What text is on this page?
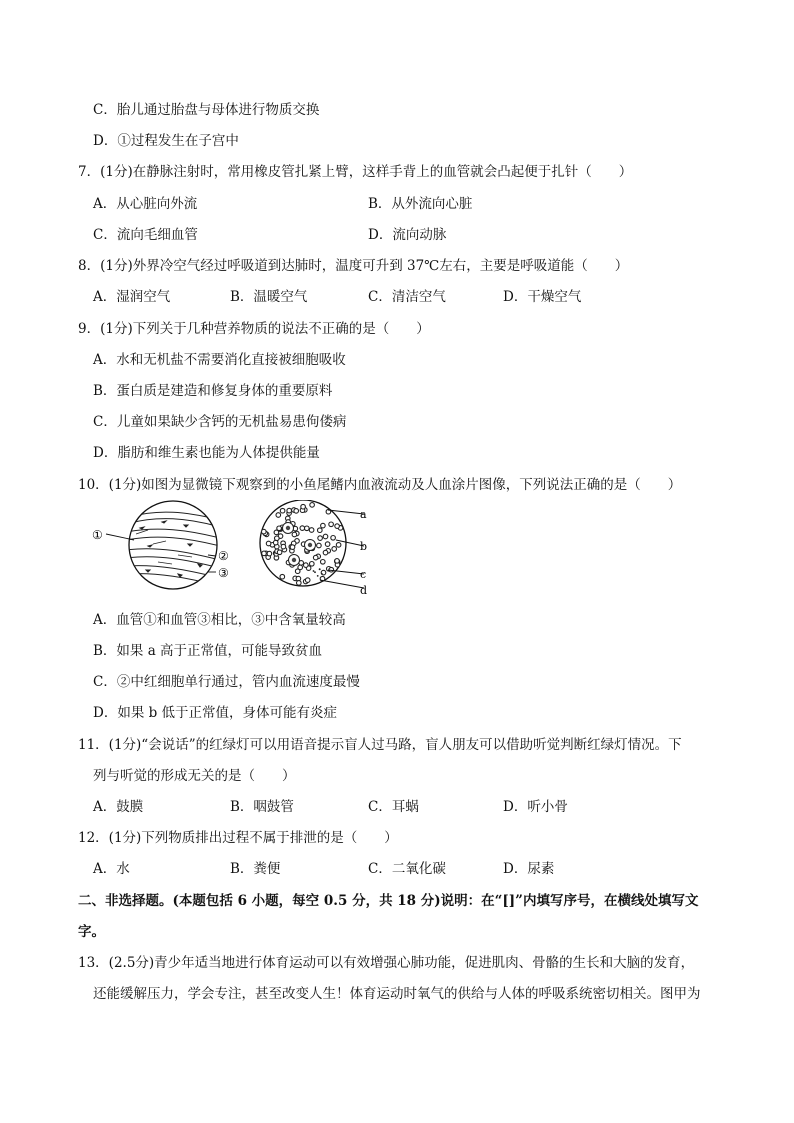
C．胎儿通过胎盘与母体进行物质交换
D．①过程发生在子宫中
7．(1分)在静脉注射时，常用橡皮管扎紧上臂，这样手背上的血管就会凸起便于扎针（　　）
A．从心脏向外流	B．从外流向心脏
C．流向毛细血管	D．流向动脉
8．(1分)外界冷空气经过呼吸道到达肺时，温度可升到 37℃左右，主要是呼吸道能（　　）
A．湿润空气	B．温暖空气	C．清洁空气	D．干燥空气
9．(1分)下列关于几种营养物质的说法不正确的是（　　）
A．水和无机盐不需要消化直接被细胞吸收
B．蛋白质是建造和修复身体的重要原料
C．儿童如果缺少含钙的无机盐易患佝偻病
D．脂肪和维生素也能为人体提供能量
10．(1分)如图为显微镜下观察到的小鱼尾鳍内血液流动及人血涂片图像，下列说法正确的是（　　）
①
②
③
a
b
c
d
A．血管①和血管③相比，③中含氧量较高
B．如果 a 高于正常值，可能导致贫血
C．②中红细胞单行通过，管内血流速度最慢
D．如果 b 低于正常值，身体可能有炎症
11．(1分)“会说话”的红绿灯可以用语音提示盲人过马路，盲人朋友可以借助听觉判断红绿灯情况。下
列与听觉的形成无关的是（　　）
A．鼓膜	B．咽鼓管	C．耳蜗	D．听小骨
12．(1分)下列物质排出过程不属于排泄的是（　　）
A．水	B．粪便	C．二氧化碳	D．尿素
二、非选择题。(本题包括 6 小题，每空 0.5 分，共 18 分)说明：在“[]”内填写序号，在横线处填写文
字。
13．(2.5分)青少年适当地进行体育运动可以有效增强心肺功能，促进肌肉、骨骼的生长和大脑的发育，
还能缓解压力，学会专注，甚至改变人生！体育运动时氧气的供给与人体的呼吸系统密切相关。图甲为
